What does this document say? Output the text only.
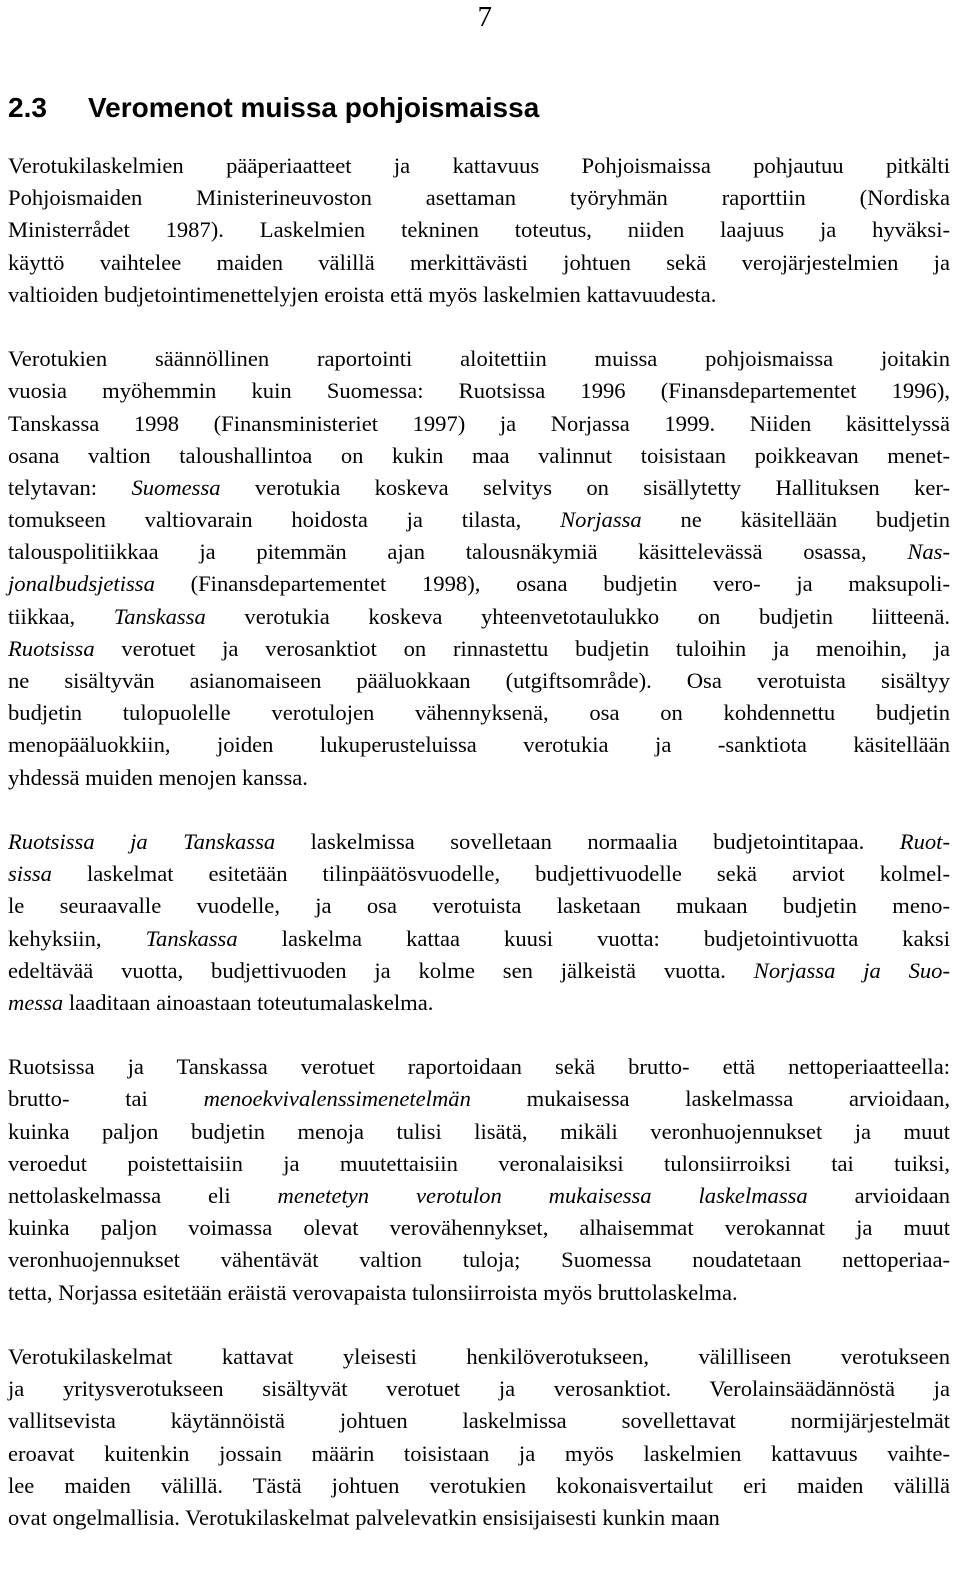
7
2.3 Veromenot muissa pohjoismaissa
Verotukilaskelmien pääperiaatteet ja kattavuus Pohjoismaissa pohjautuu pitkälti
Pohjoismaiden Ministerineuvoston asettaman työryhmän raporttiin (Nordiska
Ministerrådet 1987). Laskelmien tekninen toteutus, niiden laajuus ja hyväksi-
käyttö vaihtelee maiden välillä merkittävästi johtuen sekä verojärjestelmien ja
valtioiden budjetointimenettelyjen eroista että myös laskelmien kattavuudesta.
Verotukien säännöllinen raportointi aloitettiin muissa pohjoismaissa joitakin
vuosia myöhemmin kuin Suomessa: Ruotsissa 1996 (Finansdepartementet 1996),
Tanskassa 1998 (Finansministeriet 1997) ja Norjassa 1999. Niiden käsittelyssä
osana valtion taloushallintoa on kukin maa valinnut toisistaan poikkeavan menet-
telytavan: Suomessa verotukia koskeva selvitys on sisällytetty Hallituksen ker-
tomukseen valtiovarain hoidosta ja tilasta, Norjassa ne käsitellään budjetin
talouspolitiikkaa ja pitemmän ajan talousnäkymiä käsittelevässä osassa, Nas-
jonalbudsjetissa (Finansdepartementet 1998), osana budjetin vero- ja maksupoli-
tiikkaa, Tanskassa verotukia koskeva yhteenvetotaulukko on budjetin liitteenä.
Ruotsissa verotuet ja verosanktiot on rinnastettu budjetin tuloihin ja menoihin, ja
ne sisältyvän asianomaiseen pääluokkaan (utgiftsområde). Osa verotuista sisältyy
budjetin tulopuolelle verotulojen vähennyksenä, osa on kohdennettu budjetin
menopääluokkiin, joiden lukuperusteluissa verotukia ja -sanktiota käsitellään
yhdessä muiden menojen kanssa.
Ruotsissa ja Tanskassa laskelmissa sovelletaan normaalia budjetointitapaa. Ruot-
sissa laskelmat esitetään tilinpäätösvuodelle, budjettivuodelle sekä arviot kolmel-
le seuraavalle vuodelle, ja osa verotuista lasketaan mukaan budjetin meno-
kehyksiin, Tanskassa laskelma kattaa kuusi vuotta: budjetointivuotta kaksi
edeltävää vuotta, budjettivuoden ja kolme sen jälkeistä vuotta. Norjassa ja Suo-
messa laaditaan ainoastaan toteutumalaskelma.
Ruotsissa ja Tanskassa verotuet raportoidaan sekä brutto- että nettoperiaatteella:
brutto- tai menoekvivalenssimenetelmän mukaisessa laskelmassa arvioidaan,
kuinka paljon budjetin menoja tulisi lisätä, mikäli veronhuojennukset ja muut
veroedut poistettaisiin ja muutettaisiin veronalaisiksi tulonsiirroiksi tai tuiksi,
nettolaskelmassa eli menetetyn verotulon mukaisessa laskelmassa arvioidaan
kuinka paljon voimassa olevat verovähennykset, alhaisemmat verokannat ja muut
veronhuojennukset vähentävät valtion tuloja; Suomessa noudatetaan nettoperiaa-
tetta, Norjassa esitetään eräistä verovapaista tulonsiirroista myös bruttolaskelma.
Verotukilaskelmat kattavat yleisesti henkilöverotukseen, välilliseen verotukseen
ja yritysverotukseen sisältyvät verotuet ja verosanktiot. Verolainsäädännöstä ja
vallitsevista käytännöistä johtuen laskelmissa sovellettavat normijärjestelmät
eroavat kuitenkin jossain määrin toisistaan ja myös laskelmien kattavuus vaihte-
lee maiden välillä. Tästä johtuen verotukien kokonaisvertailut eri maiden välillä
ovat ongelmallisia. Verotukilaskelmat palvelevatkin ensisijaisesti kunkin maan
